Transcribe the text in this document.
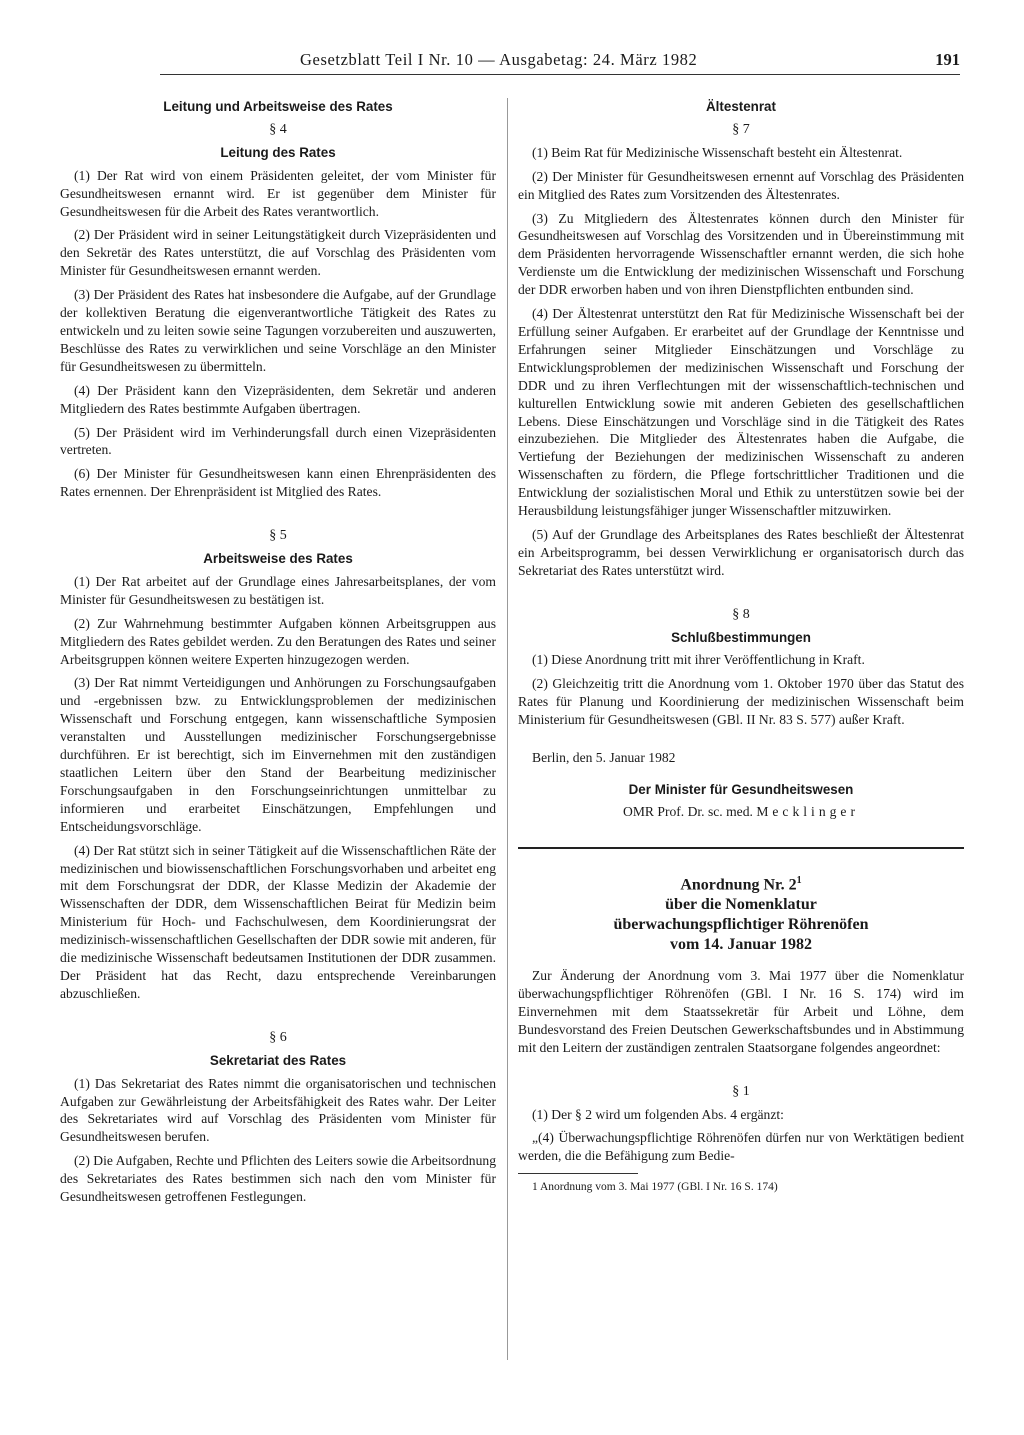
Gesetzblatt Teil I Nr. 10 — Ausgabetag: 24. März 1982	191
Leitung und Arbeitsweise des Rates
§ 4
Leitung des Rates

(1) Der Rat wird von einem Präsidenten geleitet, der vom Minister für Gesundheitswesen ernannt wird. Er ist gegenüber dem Minister für Gesundheitswesen für die Arbeit des Rates verantwortlich.

(2) Der Präsident wird in seiner Leitungstätigkeit durch Vizepräsidenten und den Sekretär des Rates unterstützt, die auf Vorschlag des Präsidenten vom Minister für Gesundheitswesen ernannt werden.

(3) Der Präsident des Rates hat insbesondere die Aufgabe, auf der Grundlage der kollektiven Beratung die eigenverantwortliche Tätigkeit des Rates zu entwickeln und zu leiten sowie seine Tagungen vorzubereiten und auszuwerten, Beschlüsse des Rates zu verwirklichen und seine Vorschläge an den Minister für Gesundheitswesen zu übermitteln.

(4) Der Präsident kann den Vizepräsidenten, dem Sekretär und anderen Mitgliedern des Rates bestimmte Aufgaben übertragen.

(5) Der Präsident wird im Verhinderungsfall durch einen Vizepräsidenten vertreten.

(6) Der Minister für Gesundheitswesen kann einen Ehrenpräsidenten des Rates ernennen. Der Ehrenpräsident ist Mitglied des Rates.

§ 5
Arbeitsweise des Rates

(1) Der Rat arbeitet auf der Grundlage eines Jahresarbeitsplanes, der vom Minister für Gesundheitswesen zu bestätigen ist.

(2) Zur Wahrnehmung bestimmter Aufgaben können Arbeitsgruppen aus Mitgliedern des Rates gebildet werden. Zu den Beratungen des Rates und seiner Arbeitsgruppen können weitere Experten hinzugezogen werden.

(3) Der Rat nimmt Verteidigungen und Anhörungen zu Forschungsaufgaben und -ergebnissen bzw. zu Entwicklungsproblemen der medizinischen Wissenschaft und Forschung entgegen, kann wissenschaftliche Symposien veranstalten und Ausstellungen medizinischer Forschungsergebnisse durchführen. Er ist berechtigt, sich im Einvernehmen mit den zuständigen staatlichen Leitern über den Stand der Bearbeitung medizinischer Forschungsaufgaben in den Forschungseinrichtungen unmittelbar zu informieren und erarbeitet Einschätzungen, Empfehlungen und Entscheidungsvorschläge.

(4) Der Rat stützt sich in seiner Tätigkeit auf die Wissenschaftlichen Räte der medizinischen und biowissenschaftlichen Forschungsvorhaben und arbeitet eng mit dem Forschungsrat der DDR, der Klasse Medizin der Akademie der Wissenschaften der DDR, dem Wissenschaftlichen Beirat für Medizin beim Ministerium für Hoch- und Fachschulwesen, dem Koordinierungsrat der medizinisch-wissenschaftlichen Gesellschaften der DDR sowie mit anderen, für die medizinische Wissenschaft bedeutsamen Institutionen der DDR zusammen. Der Präsident hat das Recht, dazu entsprechende Vereinbarungen abzuschließen.

§ 6
Sekretariat des Rates

(1) Das Sekretariat des Rates nimmt die organisatorischen und technischen Aufgaben zur Gewährleistung der Arbeitsfähigkeit des Rates wahr. Der Leiter des Sekretariates wird auf Vorschlag des Präsidenten vom Minister für Gesundheitswesen berufen.

(2) Die Aufgaben, Rechte und Pflichten des Leiters sowie die Arbeitsordnung des Sekretariates des Rates bestimmen sich nach den vom Minister für Gesundheitswesen getroffenen Festlegungen.

Ältestenrat
§ 7

(1) Beim Rat für Medizinische Wissenschaft besteht ein Ältestenrat.

(2) Der Minister für Gesundheitswesen ernennt auf Vorschlag des Präsidenten ein Mitglied des Rates zum Vorsitzenden des Ältestenrates.

(3) Zu Mitgliedern des Ältestenrates können durch den Minister für Gesundheitswesen auf Vorschlag des Vorsitzenden und in Übereinstimmung mit dem Präsidenten hervorragende Wissenschaftler ernannt werden, die sich hohe Verdienste um die Entwicklung der medizinischen Wissenschaft und Forschung der DDR erworben haben und von ihren Dienstpflichten entbunden sind.

(4) Der Ältestenrat unterstützt den Rat für Medizinische Wissenschaft bei der Erfüllung seiner Aufgaben. Er erarbeitet auf der Grundlage der Kenntnisse und Erfahrungen seiner Mitglieder Einschätzungen und Vorschläge zu Entwicklungsproblemen der medizinischen Wissenschaft und Forschung der DDR und zu ihren Verflechtungen mit der wissenschaftlich-technischen und kulturellen Entwicklung sowie mit anderen Gebieten des gesellschaftlichen Lebens. Diese Einschätzungen und Vorschläge sind in die Tätigkeit des Rates einzubeziehen. Die Mitglieder des Ältestenrates haben die Aufgabe, die Vertiefung der Beziehungen der medizinischen Wissenschaft zu anderen Wissenschaften zu fördern, die Pflege fortschrittlicher Traditionen und die Entwicklung der sozialistischen Moral und Ethik zu unterstützen sowie bei der Herausbildung leistungsfähiger junger Wissenschaftler mitzuwirken.

(5) Auf der Grundlage des Arbeitsplanes des Rates beschließt der Ältestenrat ein Arbeitsprogramm, bei dessen Verwirklichung er organisatorisch durch das Sekretariat des Rates unterstützt wird.

§ 8
Schlußbestimmungen

(1) Diese Anordnung tritt mit ihrer Veröffentlichung in Kraft.

(2) Gleichzeitig tritt die Anordnung vom 1. Oktober 1970 über das Statut des Rates für Planung und Koordinierung der medizinischen Wissenschaft beim Ministerium für Gesundheitswesen (GBl. II Nr. 83 S. 577) außer Kraft.

Berlin, den 5. Januar 1982
Der Minister für Gesundheitswesen
OMR Prof. Dr. sc. med. Mecklinger
Anordnung Nr. $2^1$
über die Nomenklatur
überwachungspflichtiger Röhrenöfen
vom 14. Januar 1982

Zur Änderung der Anordnung vom 3. Mai 1977 über die Nomenklatur überwachungspflichtiger Röhrenöfen (GBl. I Nr. 16 S. 174) wird im Einvernehmen mit dem Staatssekretär für Arbeit und Löhne, dem Bundesvorstand des Freien Deutschen Gewerkschaftsbundes und in Abstimmung mit den Leitern der zuständigen zentralen Staatsorgane folgendes angeordnet:

§ 1

(1) Der § 2 wird um folgenden Abs. 4 ergänzt:

„(4) Überwachungspflichtige Röhrenöfen dürfen nur von Werktätigen bedient werden, die die Befähigung zum Bedie-

1 Anordnung vom 3. Mai 1977 (GBl. I Nr. 16 S. 174)
